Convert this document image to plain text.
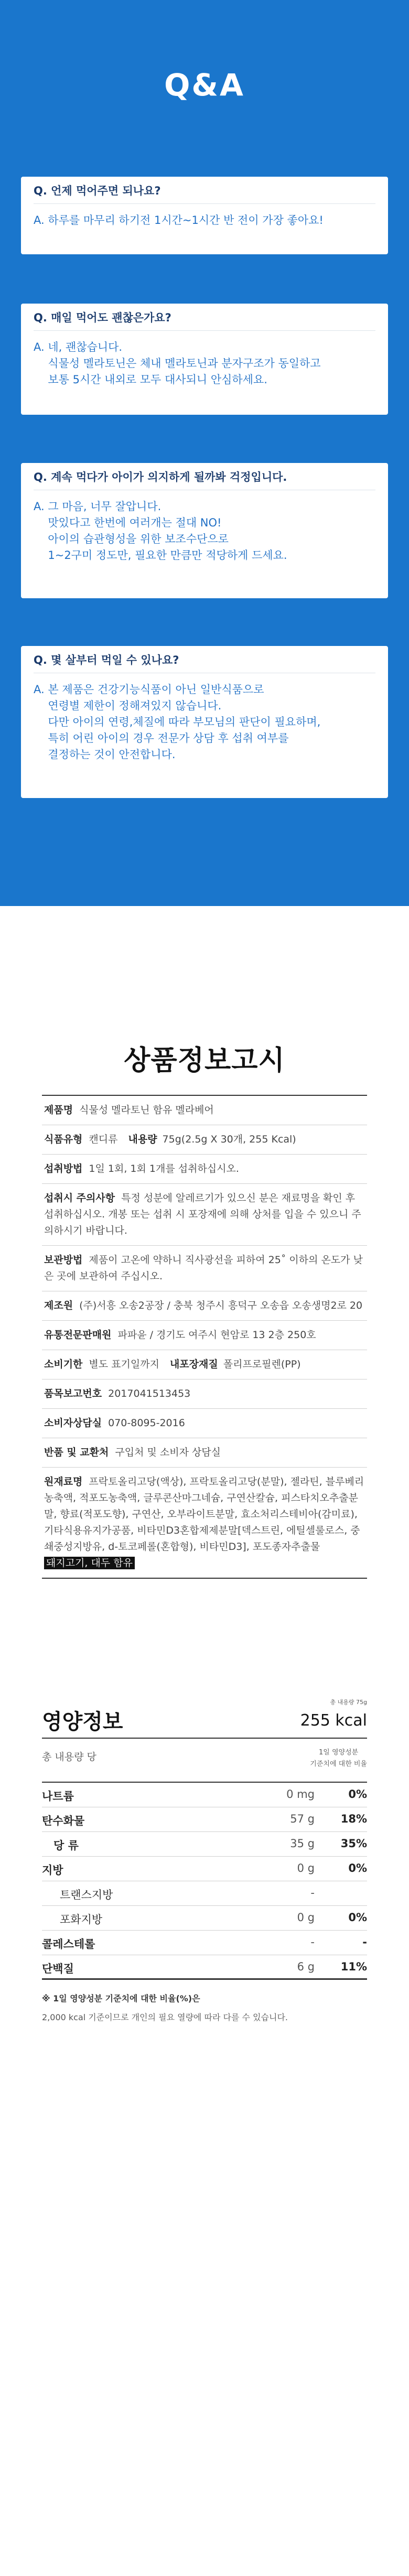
Q&A
Q. 언제 먹어주면 되나요?
A. 하루를 마무리 하기전 1시간~1시간 반 전이 가장 좋아요!
Q. 매일 먹어도 괜찮은가요?
A. 네, 괜찮습니다.
식물성 멜라토닌은 체내 멜라토닌과 분자구조가 동일하고
보통 5시간 내외로 모두 대사되니 안심하세요.
Q. 계속 먹다가 아이가 의지하게 될까봐 걱정입니다.
A. 그 마음, 너무 잘압니다.
맛있다고 한번에 여러개는 절대 NO!
아이의 습관형성을 위한 보조수단으로
1~2구미 정도만, 필요한 만큼만 적당하게 드세요.
Q. 몇 살부터 먹일 수 있나요?
A. 본 제품은 건강기능식품이 아닌 일반식품으로
연령별 제한이 정해져있지 않습니다.
다만 아이의 연령,체질에 따라 부모님의 판단이 필요하며,
특히 어린 아이의 경우 전문가 상담 후 섭취 여부를
결정하는 것이 안전합니다.
상품정보고시
제품명 식물성 멜라토닌 함유 멜라베어
식품유형 캔디류 내용량 75g(2.5g X 30개, 255 Kcal)
섭취방법 1일 1회, 1회 1개를 섭취하십시오.
섭취시 주의사항 특정 성분에 알레르기가 있으신 분은 재료명을 확인 후 섭취하십시오. 개봉 또는 섭취 시 포장재에 의해 상처를 입을 수 있으니 주의하시기 바랍니다.
보관방법 제품이 고온에 약하니 직사광선을 피하여 25˚ 이하의 온도가 낮은 곳에 보관하여 주십시오.
제조원 (주)서흥 오송2공장 / 충북 청주시 흥덕구 오송읍 오송생명2로 20
유통전문판매원 파파윤 / 경기도 여주시 현암로 13 2층 250호
소비기한 별도 표기일까지 내포장재질 폴리프로필렌(PP)
품목보고번호 2017041513453
소비자상담실 070-8095-2016
반품 및 교환처 구입처 및 소비자 상담실
원재료명 프락토올리고당(액상), 프락토올리고당(분말), 젤라틴, 블루베리농축액, 적포도농축액, 글루콘산마그네슘, 구연산칼슘, 피스타치오추출분말, 향료(적포도향), 구연산, 오부라이트분말, 효소처리스테비아(감미료), 기타식용유지가공품, 비타민D3혼합제제분말[덱스트린, 에틸셀룰로스, 중쇄중성지방유, d-토코페롤(혼합형), 비타민D3], 포도종자추출물
돼지고기, 대두 함유
영양정보
총 내용량 75g
255 kcal
총 내용량 당	1일 영양성분
기준치에 대한 비율
나트륨	0 mg	0%
탄수화물	57 g 18%
당 류	35 g 35%
지방	0 g	0%
트랜스지방	-
포화지방	0 g	0%
콜레스테롤	-	-
단백질	6 g 11%
※ 1일 영양성분 기준치에 대한 비율(%)은
2,000 kcal 기준이므로 개인의 필요 열량에 따라 다를 수 있습니다.
